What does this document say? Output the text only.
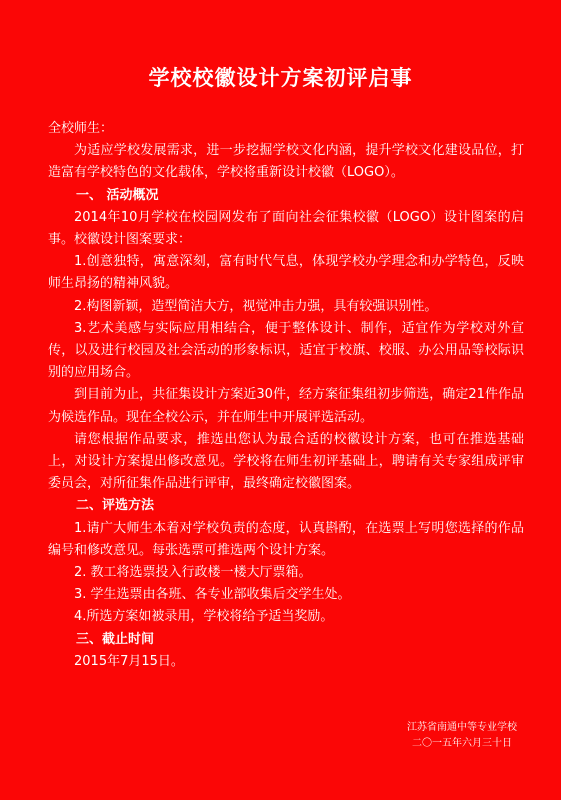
学校校徽设计方案初评启事

全校师生：

为适应学校发展需求，进一步挖掘学校文化内涵，提升学校文化建设品位，打造富有学校特色的文化载体，学校将重新设计校徽（LOGO）。

一、 活动概况

2014年10月学校在校园网发布了面向社会征集校徽（LOGO）设计图案的启事。校徽设计图案要求：

1.创意独特，寓意深刻，富有时代气息，体现学校办学理念和办学特色，反映师生昂扬的精神风貌。

2.构图新颖，造型简洁大方，视觉冲击力强，具有较强识别性。

3.艺术美感与实际应用相结合，便于整体设计、制作，适宜作为学校对外宣传，以及进行校园及社会活动的形象标识，适宜于校旗、校服、办公用品等校际识别的应用场合。

到目前为止，共征集设计方案近30件，经方案征集组初步筛选，确定21件作品为候选作品。现在全校公示，并在师生中开展评选活动。

请您根据作品要求，推选出您认为最合适的校徽设计方案，也可在推选基础上，对设计方案提出修改意见。学校将在师生初评基础上，聘请有关专家组成评审委员会，对所征集作品进行评审，最终确定校徽图案。

二、评选方法

1.请广大师生本着对学校负责的态度，认真斟酌，在选票上写明您选择的作品编号和修改意见。每张选票可推选两个设计方案。

2. 教工将选票投入行政楼一楼大厅票箱。

3. 学生选票由各班、各专业部收集后交学生处。

4.所选方案如被录用，学校将给予适当奖励。

三、截止时间

2015年7月15日。

江苏省南通中等专业学校
二〇一五年六月三十日
